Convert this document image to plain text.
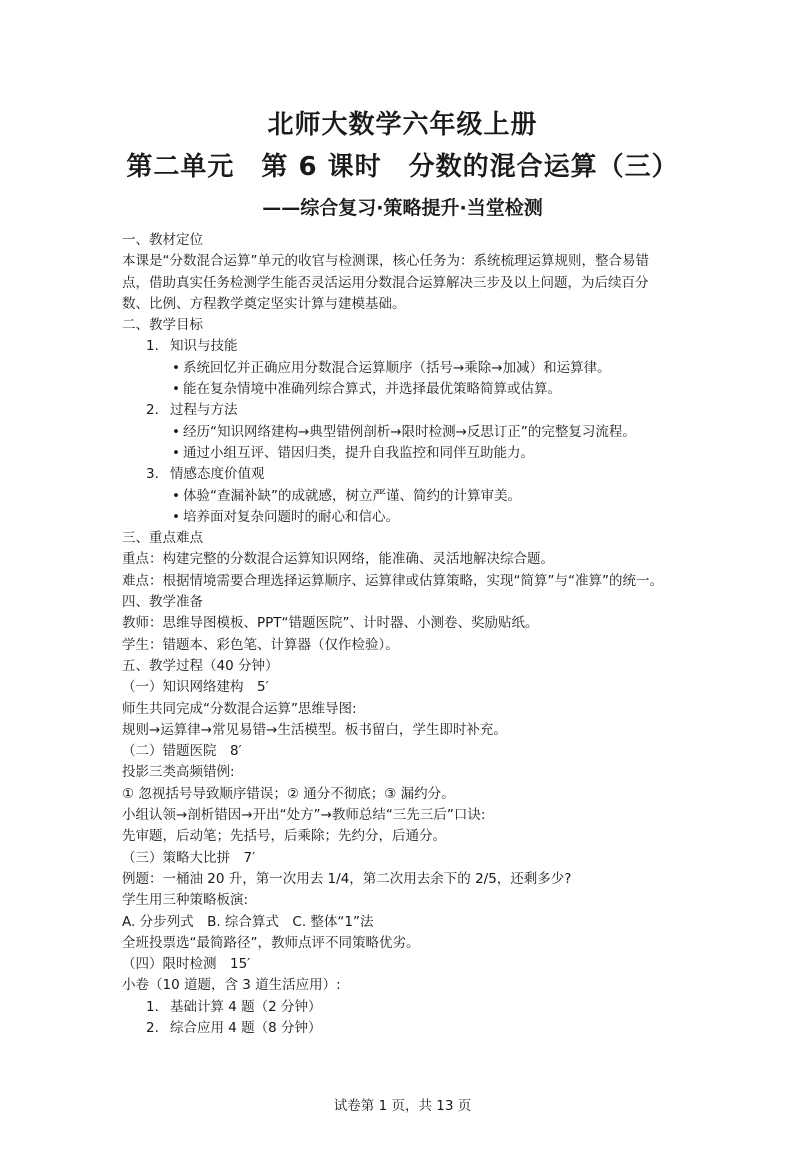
北师大数学六年级上册
第二单元　第 6 课时　分数的混合运算（三）
——综合复习·策略提升·当堂检测

一、教材定位

本课是“分数混合运算”单元的收官与检测课，核心任务为：系统梳理运算规则，整合易错

点，借助真实任务检测学生能否灵活运用分数混合运算解决三步及以上问题，为后续百分

数、比例、方程教学奠定坚实计算与建模基础。

二、教学目标

1. 知识与技能

• 系统回忆并正确应用分数混合运算顺序（括号→乘除→加减）和运算律。

• 能在复杂情境中准确列综合算式，并选择最优策略简算或估算。

2. 过程与方法

• 经历“知识网络建构→典型错例剖析→限时检测→反思订正”的完整复习流程。

• 通过小组互评、错因归类，提升自我监控和同伴互助能力。

3. 情感态度价值观

• 体验“查漏补缺”的成就感，树立严谨、简约的计算审美。

• 培养面对复杂问题时的耐心和信心。

三、重点难点

重点：构建完整的分数混合运算知识网络，能准确、灵活地解决综合题。

难点：根据情境需要合理选择运算顺序、运算律或估算策略，实现“简算”与“准算”的统一。

四、教学准备

教师：思维导图模板、PPT“错题医院”、计时器、小测卷、奖励贴纸。

学生：错题本、彩色笔、计算器（仅作检验）。

五、教学过程（40 分钟）

（一）知识网络建构　5′

师生共同完成“分数混合运算”思维导图:

规则→运算律→常见易错→生活模型。板书留白，学生即时补充。

（二）错题医院　8′

投影三类高频错例:

① 忽视括号导致顺序错误；② 通分不彻底；③ 漏约分。

小组认领→剖析错因→开出“处方”→教师总结“三先三后”口诀:

先审题，后动笔；先括号，后乘除；先约分，后通分。

（三）策略大比拼　7′

例题：一桶油 20 升，第一次用去 1/4，第二次用去余下的 2/5，还剩多少?

学生用三种策略板演:

A. 分步列式　B. 综合算式　C. 整体“1”法

全班投票选“最简路径”，教师点评不同策略优劣。

（四）限时检测　15′

小卷（10 道题，含 3 道生活应用）:

1. 基础计算 4 题（2 分钟）

2. 综合应用 4 题（8 分钟）

试卷第 1 页，共 13 页
